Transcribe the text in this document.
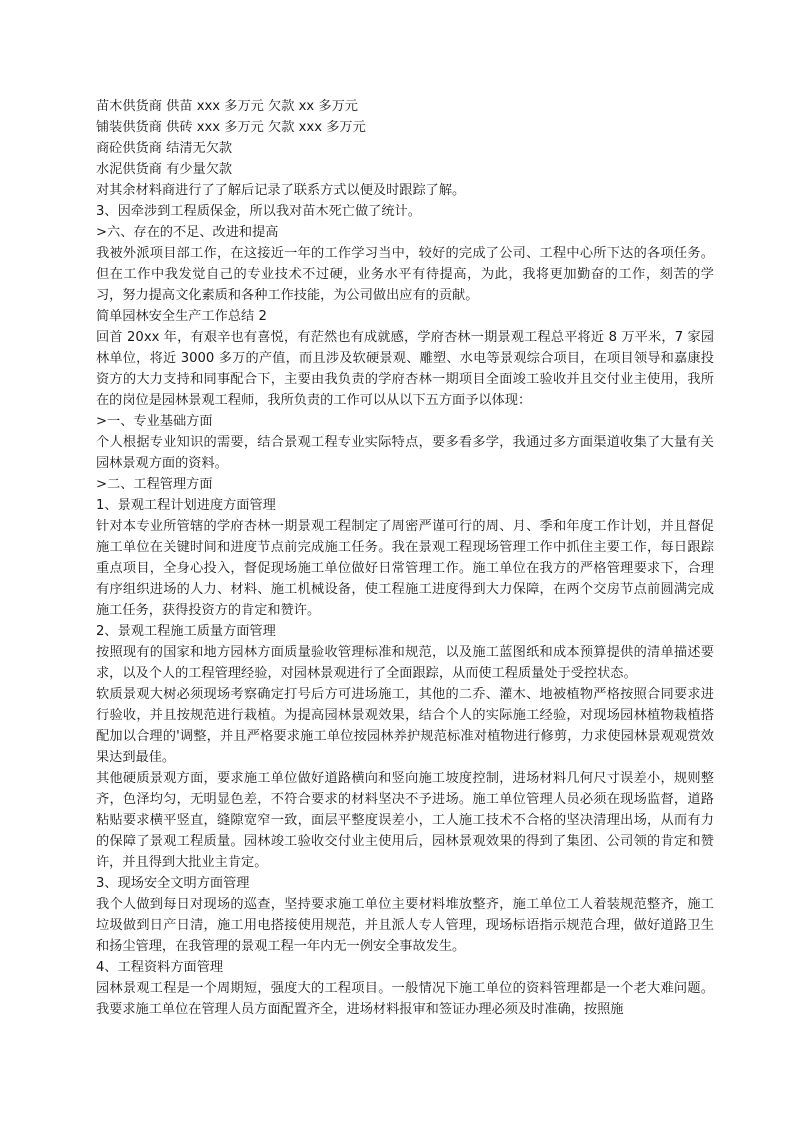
苗木供货商 供苗 xxx 多万元 欠款 xx 多万元

铺装供货商 供砖 xxx 多万元 欠款 xxx 多万元

商砼供货商 结清无欠款

水泥供货商 有少量欠款

对其余材料商进行了了解后记录了联系方式以便及时跟踪了解。

3、因牵涉到工程质保金，所以我对苗木死亡做了统计。

>六、存在的不足、改进和提高

我被外派项目部工作，在这接近一年的工作学习当中，较好的完成了公司、工程中心所下达的各项任务。但在工作中我发觉自己的专业技术不过硬，业务水平有待提高，为此，我将更加勤奋的工作，刻苦的学习，努力提高文化素质和各种工作技能，为公司做出应有的贡献。

简单园林安全生产工作总结 2

回首 20xx 年，有艰辛也有喜悦，有茫然也有成就感，学府杏林一期景观工程总平将近 8 万平米，7 家园林单位，将近 3000 多万的产值，而且涉及软硬景观、雕塑、水电等景观综合项目，在项目领导和嘉康投资方的大力支持和同事配合下，主要由我负责的学府杏林一期项目全面竣工验收并且交付业主使用，我所在的岗位是园林景观工程师，我所负责的工作可以从以下五方面予以体现：

>一、专业基础方面

个人根据专业知识的需要，结合景观工程专业实际特点，要多看多学，我通过多方面渠道收集了大量有关园林景观方面的资料。

>二、工程管理方面

1、景观工程计划进度方面管理

针对本专业所管辖的学府杏林一期景观工程制定了周密严谨可行的周、月、季和年度工作计划，并且督促施工单位在关键时间和进度节点前完成施工任务。我在景观工程现场管理工作中抓住主要工作，每日跟踪重点项目，全身心投入，督促现场施工单位做好日常管理工作。施工单位在我方的严格管理要求下，合理有序组织进场的人力、材料、施工机械设备，使工程施工进度得到大力保障，在两个交房节点前圆满完成施工任务，获得投资方的肯定和赞许。

2、景观工程施工质量方面管理

按照现有的国家和地方园林方面质量验收管理标准和规范，以及施工蓝图纸和成本预算提供的清单描述要求，以及个人的工程管理经验，对园林景观进行了全面跟踪，从而使工程质量处于受控状态。

软质景观大树必须现场考察确定打号后方可进场施工，其他的二乔、灌木、地被植物严格按照合同要求进行验收，并且按规范进行栽植。为提高园林景观效果，结合个人的实际施工经验，对现场园林植物栽植搭配加以合理的'调整，并且严格要求施工单位按园林养护规范标准对植物进行修剪，力求使园林景观观赏效果达到最佳。

其他硬质景观方面，要求施工单位做好道路横向和竖向施工坡度控制，进场材料几何尺寸误差小，规则整齐，色泽均匀，无明显色差，不符合要求的材料坚决不予进场。施工单位管理人员必须在现场监督，道路粘贴要求横平竖直，缝隙宽窄一致，面层平整度误差小，工人施工技术不合格的坚决清理出场，从而有力的保障了景观工程质量。园林竣工验收交付业主使用后，园林景观效果的得到了集团、公司领的肯定和赞许，并且得到大批业主肯定。

3、现场安全文明方面管理

我个人做到每日对现场的巡查，坚持要求施工单位主要材料堆放整齐，施工单位工人着装规范整齐，施工垃圾做到日产日清，施工用电搭接使用规范，并且派人专人管理，现场标语指示规范合理，做好道路卫生和扬尘管理，在我管理的景观工程一年内无一例安全事故发生。

4、工程资料方面管理

园林景观工程是一个周期短，强度大的工程项目。一般情况下施工单位的资料管理都是一个老大难问题。我要求施工单位在管理人员方面配置齐全，进场材料报审和签证办理必须及时准确，按照施
